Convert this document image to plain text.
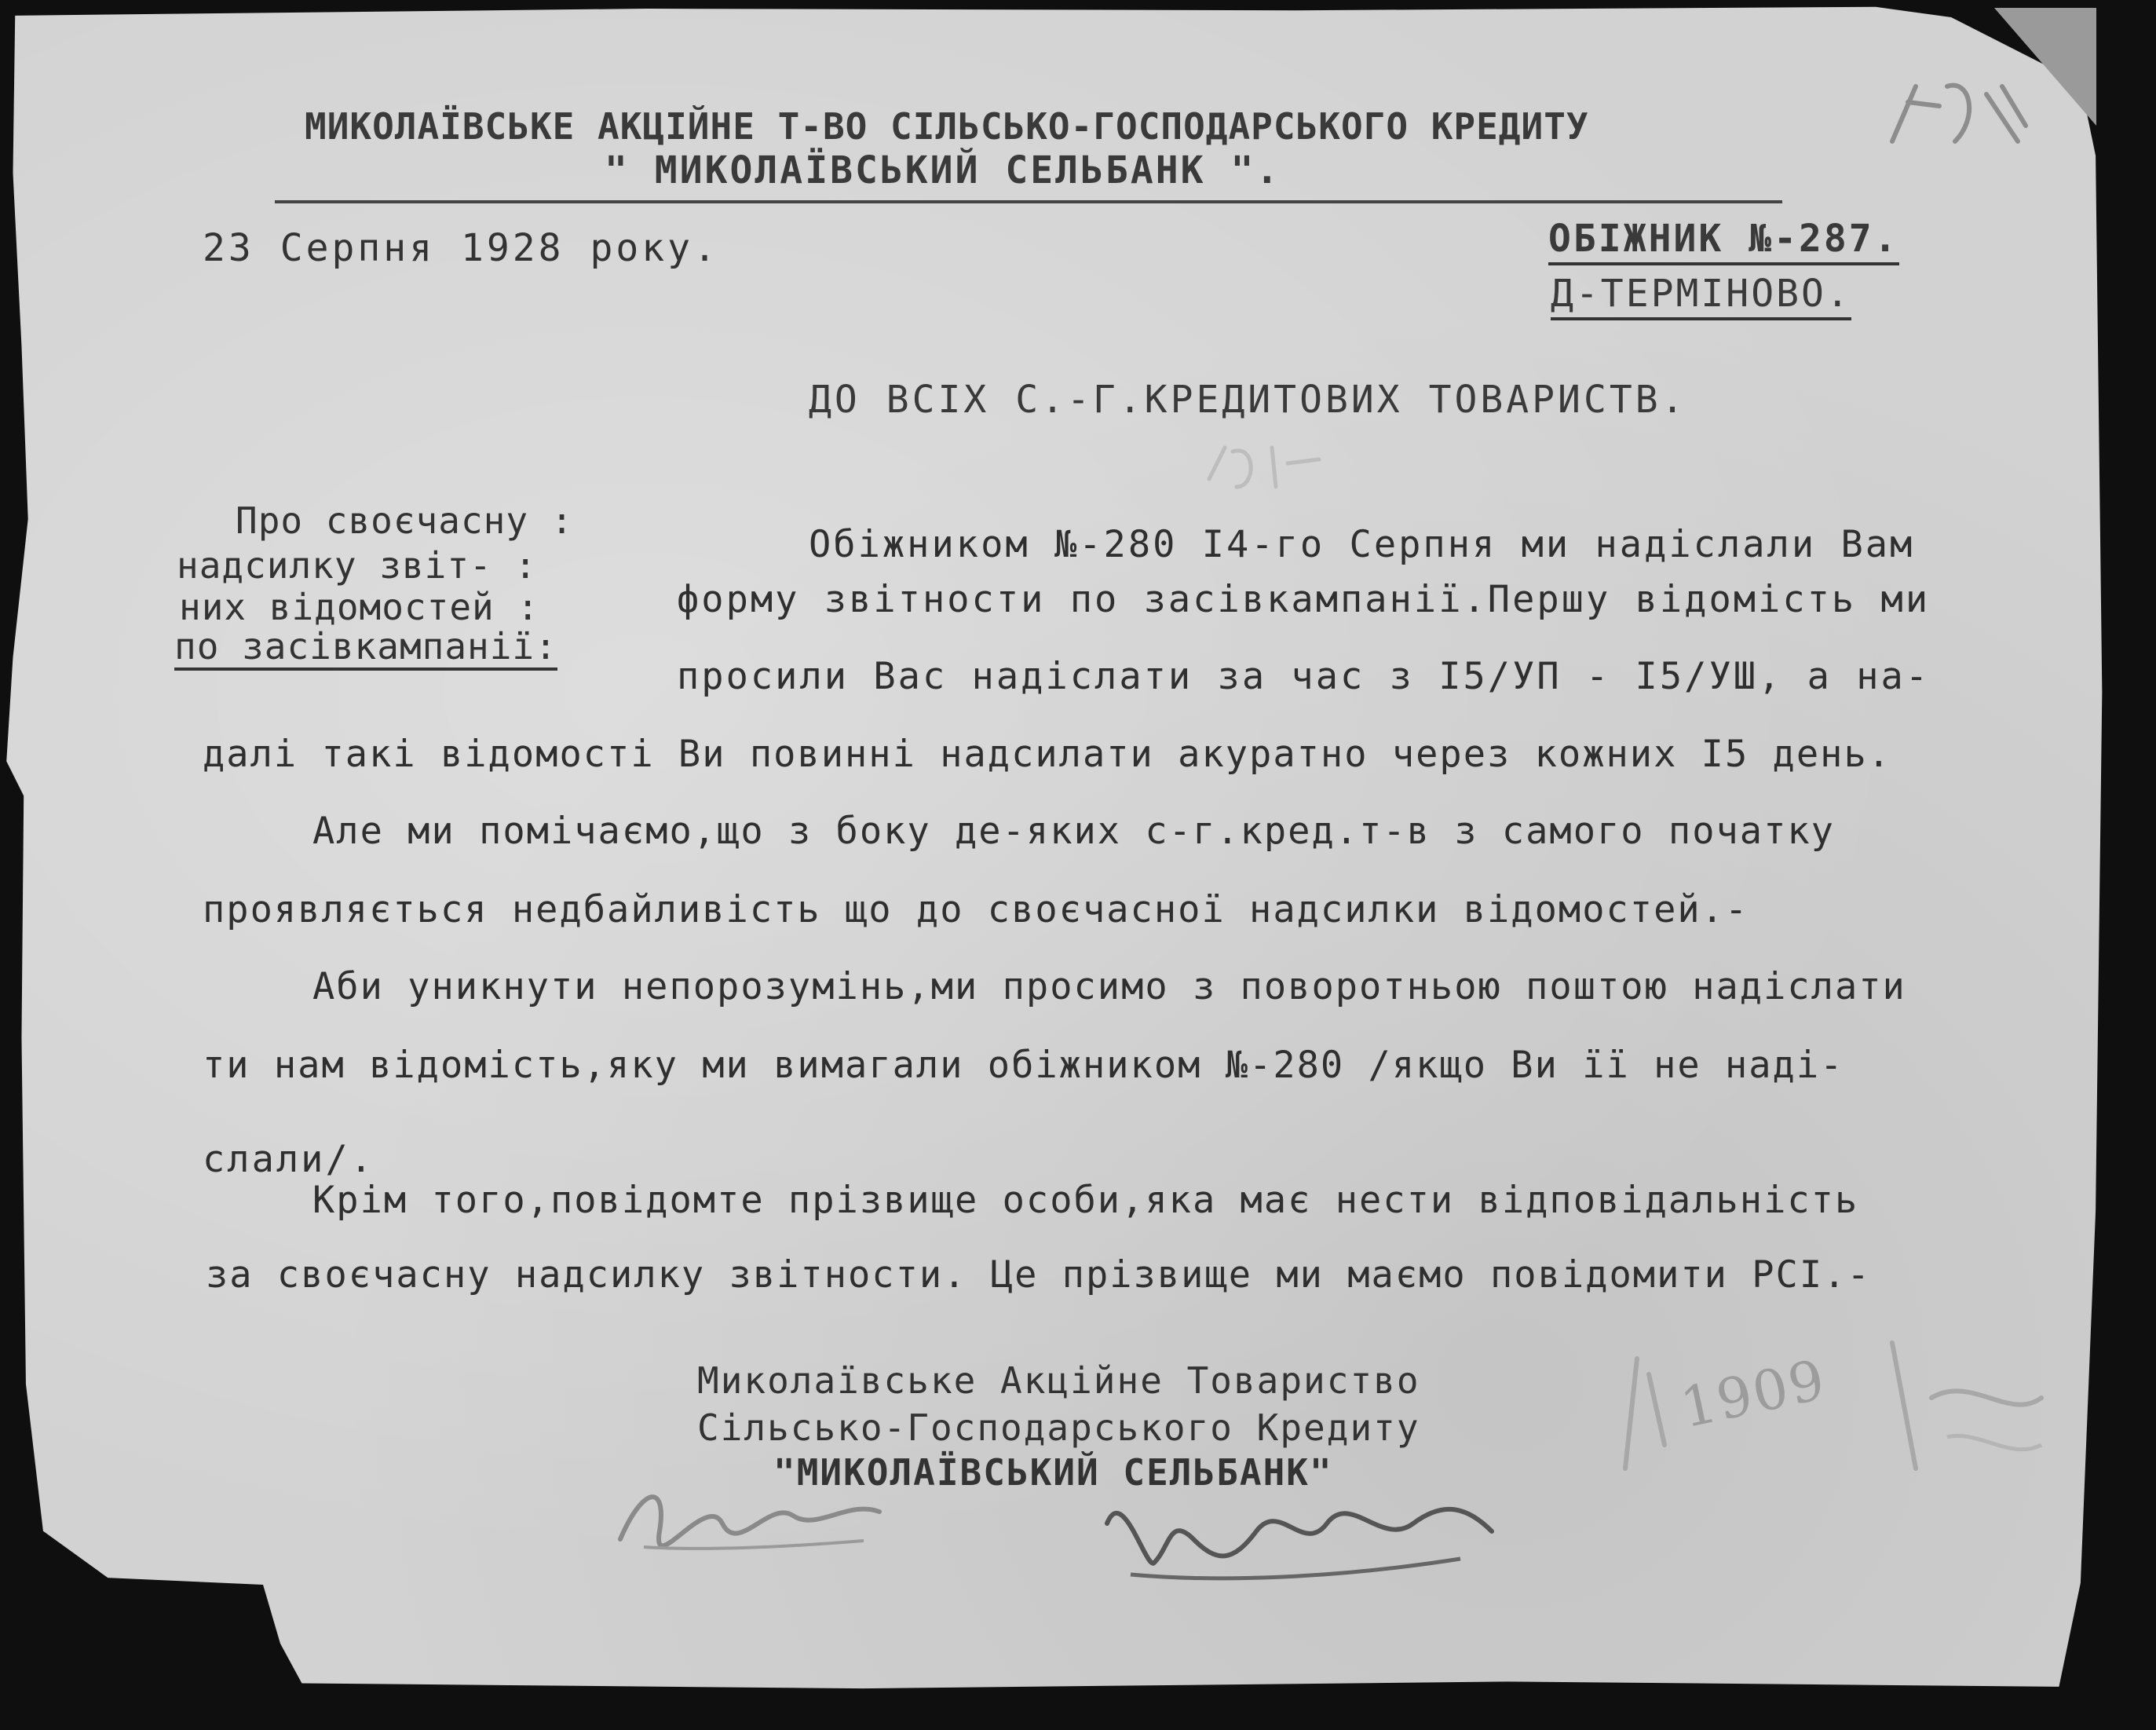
МИКОЛАЇВСЬКЕ АКЦІЙНЕ Т-ВО СІЛЬСЬКО-ГОСПОДАРСЬКОГО КРЕДИТУ
" МИКОЛАЇВСЬКИЙ СЕЛЬБАНК ".
23 Серпня 1928 року.	ОБІЖНИК №-287.
Д-ТЕРМІНОВО.
ДО ВСІХ С.-Г.КРЕДИТОВИХ ТОВАРИСТВ.
Про своєчасну :
надсилку звіт- :
них відомостей :
по засівкампанії:
Обіжником №-280 I4-го Серпня ми надіслали Вам
форму звітности по засівкампанії.Першу відомість ми
просили Вас надіслати за час з I5/УП - I5/УШ, а на-
далі такі відомості Ви повинні надсилати акуратно через кожних I5 день.
Але ми помічаємо,що з боку де-яких с-г.кред.т-в з самого початку
проявляється недбайливість що до своєчасної надсилки відомостей.-
Аби уникнути непорозумінь,ми просимо з поворотньою поштою надіслати
ти нам відомість,яку ми вимагали обіжником №-280 /якщо Ви її не наді-
слали/.
Крім того,повідомте прізвище особи,яка має нести відповідальність
за своєчасну надсилку звітности. Це прізвище ми маємо повідомити РСІ.-
Миколаївське Акційне Товариство
Сільсько-Господарського Кредиту
"МИКОЛАЇВСЬКИЙ СЕЛЬБАНК"
1909
